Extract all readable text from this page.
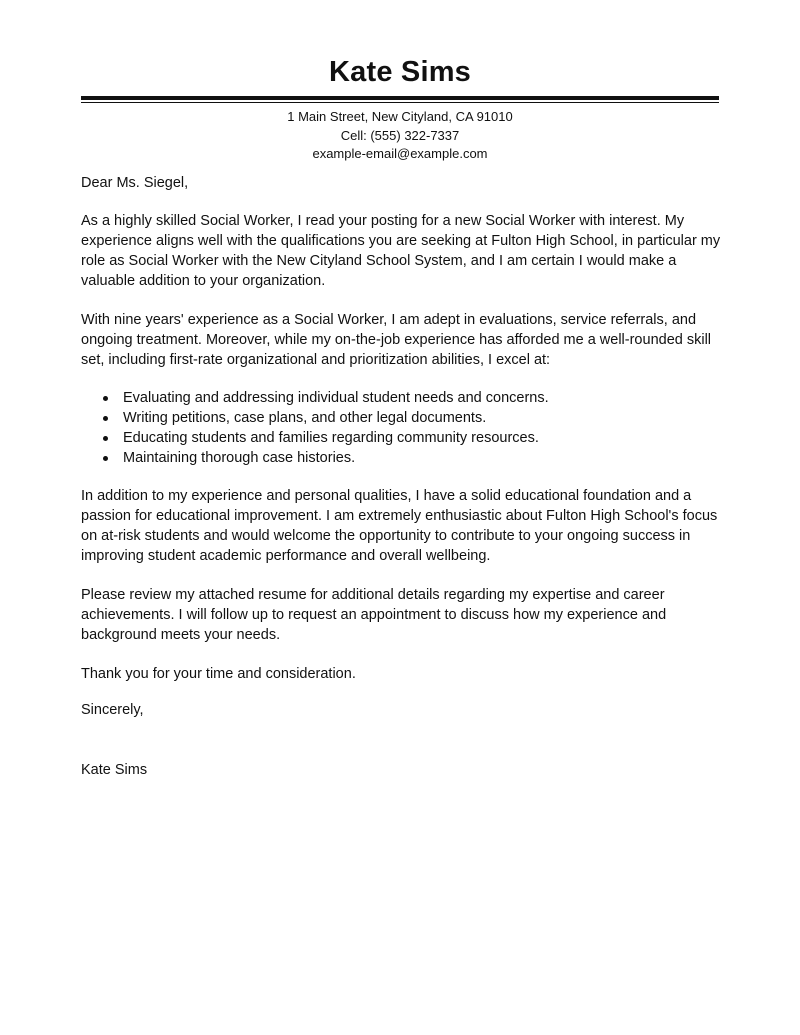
Kate Sims
1 Main Street, New Cityland, CA 91010
Cell: (555) 322-7337
example-email@example.com

Dear Ms. Siegel,

As a highly skilled Social Worker, I read your posting for a new Social Worker with interest. My experience aligns well with the qualifications you are seeking at Fulton High School, in particular my role as Social Worker with the New Cityland School System, and I am certain I would make a valuable addition to your organization.

With nine years' experience as a Social Worker, I am adept in evaluations, service referrals, and ongoing treatment. Moreover, while my on-the-job experience has afforded me a well-rounded skill set, including first-rate organizational and prioritization abilities, I excel at:

Evaluating and addressing individual student needs and concerns.
Writing petitions, case plans, and other legal documents.
Educating students and families regarding community resources.
Maintaining thorough case histories.

In addition to my experience and personal qualities, I have a solid educational foundation and a passion for educational improvement. I am extremely enthusiastic about Fulton High School's focus on at-risk students and would welcome the opportunity to contribute to your ongoing success in improving student academic performance and overall wellbeing.

Please review my attached resume for additional details regarding my expertise and career achievements. I will follow up to request an appointment to discuss how my experience and background meets your needs.

Thank you for your time and consideration.

Sincerely,

Kate Sims
